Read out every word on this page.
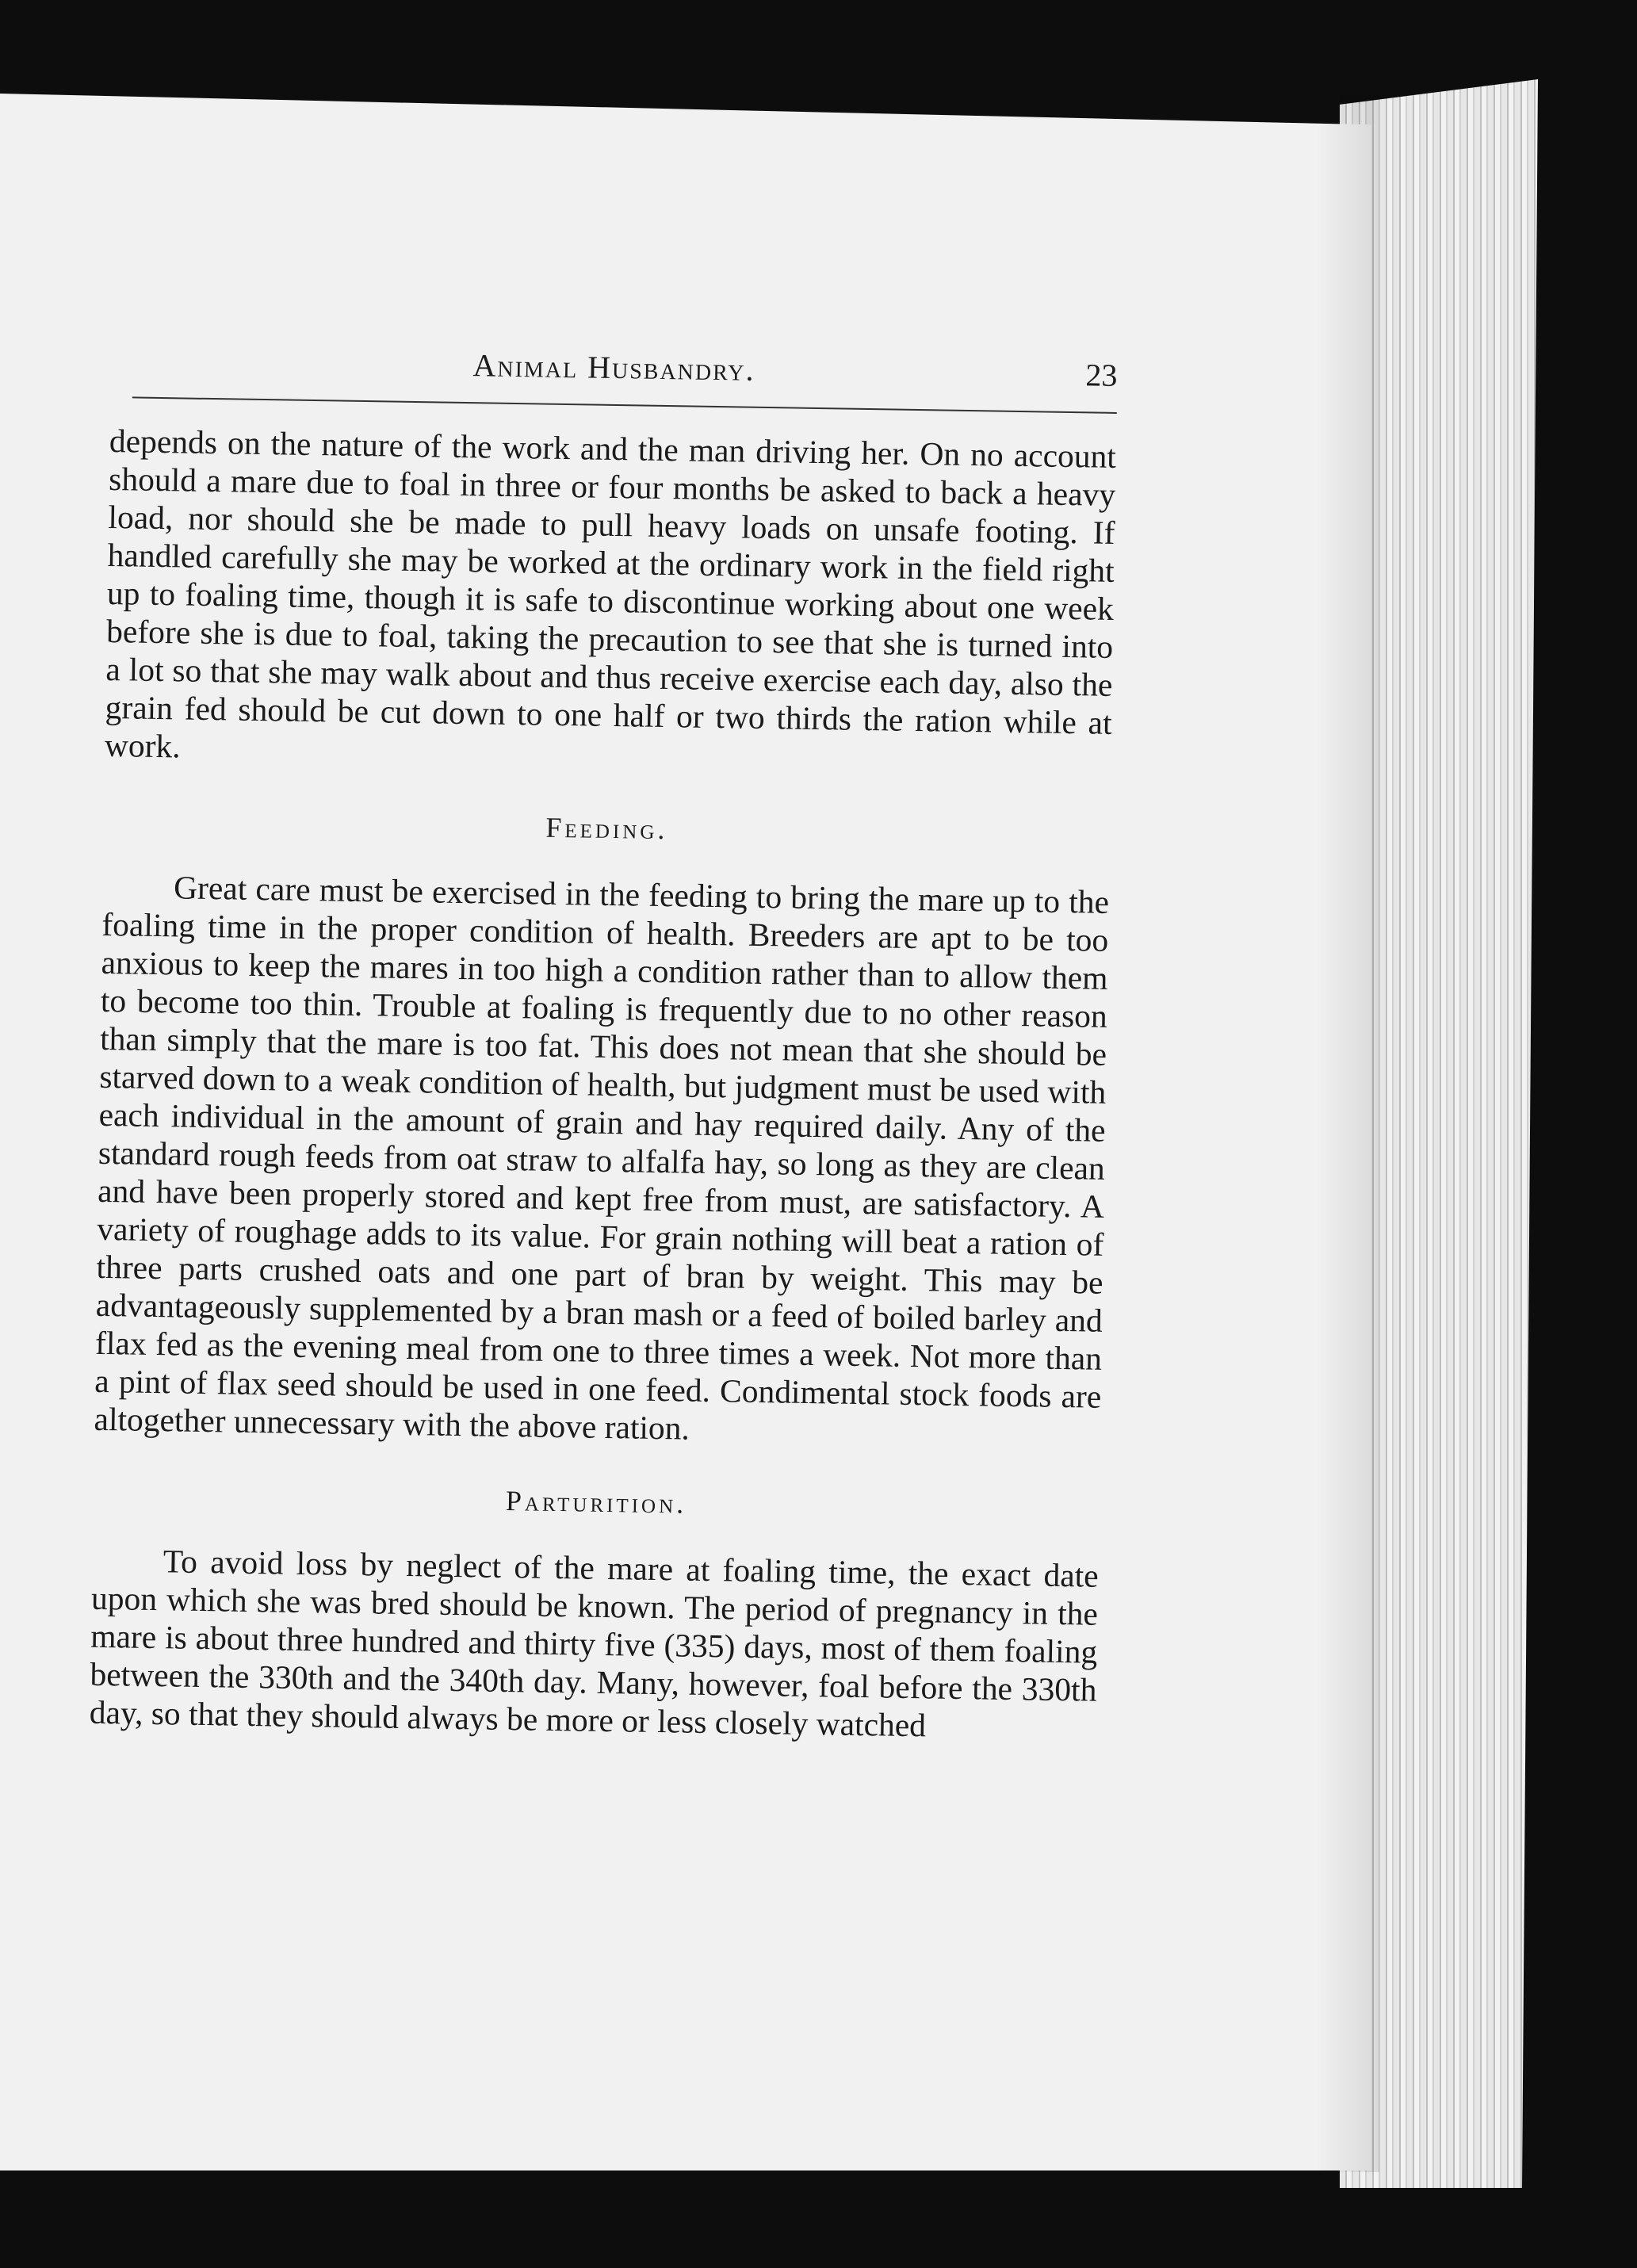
Animal Husbandry.	23

depends on the nature of the work and the man driving her. On no account should a mare due to foal in three or four months be asked to back a heavy load, nor should she be made to pull heavy loads on unsafe footing. If handled carefully she may be worked at the ordinary work in the field right up to foaling time, though it is safe to discontinue working about one week before she is due to foal, taking the precaution to see that she is turned into a lot so that she may walk about and thus receive exercise each day, also the grain fed should be cut down to one half or two thirds the ration while at work.

Feeding.

Great care must be exercised in the feeding to bring the mare up to the foaling time in the proper condition of health. Breeders are apt to be too anxious to keep the mares in too high a condition rather than to allow them to become too thin. Trouble at foaling is frequently due to no other reason than simply that the mare is too fat. This does not mean that she should be starved down to a weak condition of health, but judgment must be used with each individual in the amount of grain and hay required daily. Any of the standard rough feeds from oat straw to alfalfa hay, so long as they are clean and have been properly stored and kept free from must, are satisfactory. A variety of roughage adds to its value. For grain nothing will beat a ration of three parts crushed oats and one part of bran by weight. This may be advantageously supplemented by a bran mash or a feed of boiled barley and flax fed as the evening meal from one to three times a week. Not more than a pint of flax seed should be used in one feed. Condimental stock foods are altogether unnecessary with the above ration.

Parturition.

To avoid loss by neglect of the mare at foaling time, the exact date upon which she was bred should be known. The period of pregnancy in the mare is about three hundred and thirty five (335) days, most of them foaling between the 330th and the 340th day. Many, however, foal before the 330th day, so that they should always be more or less closely watched
